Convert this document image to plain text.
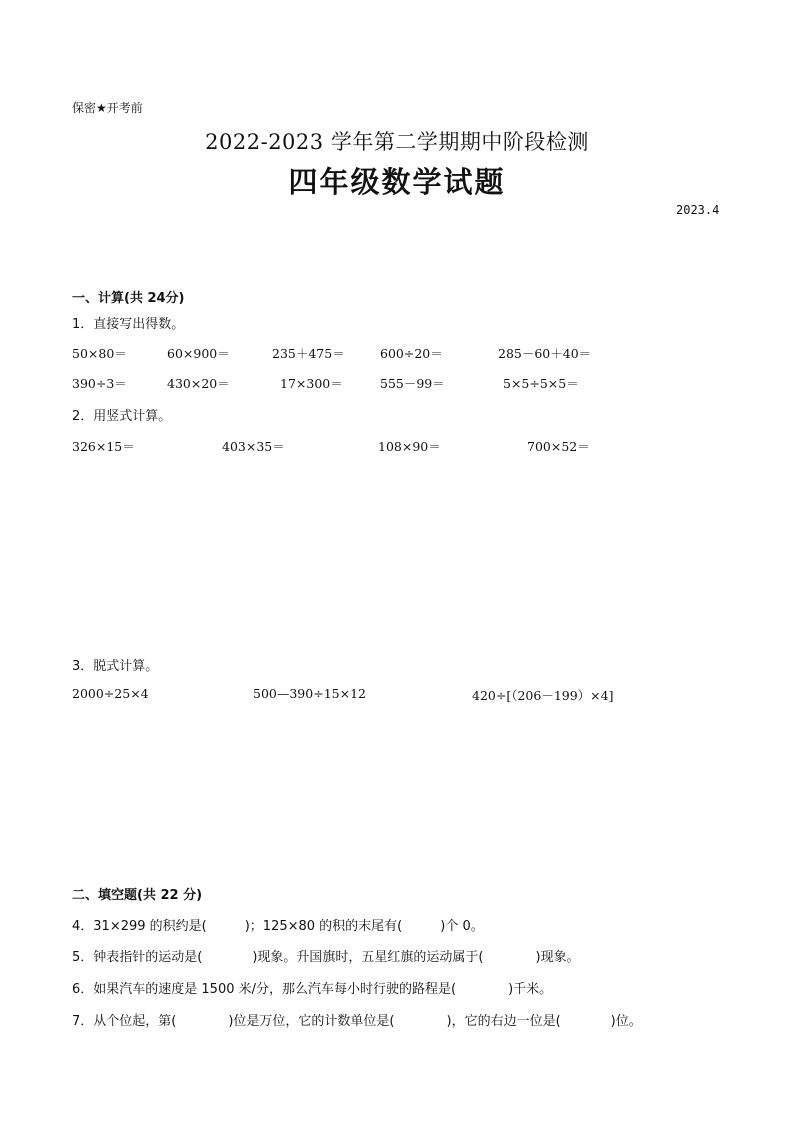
保密★开考前
2022-2023 学年第二学期期中阶段检测
四年级数学试题
2023.4
一、计算(共 24分)
1．直接写出得数。
50×80＝	60×900＝	235＋475＝	600÷20＝	285－60＋40＝
390÷3＝	430×20＝	17×300＝	555－99＝	5×5÷5×5＝
2．用竖式计算。
326×15＝	403×35＝	108×90＝	700×52＝
3．脱式计算。
2000÷25×4	500—390÷15×12	420÷[（206－199）×4]
二、填空题(共 22 分)
4．31×299 的积约是(	)；125×80 的积的末尾有(	)个 0。
5．钟表指针的运动是(	)现象。升国旗时，五星红旗的运动属于(	)现象。
6．如果汽车的速度是 1500 米/分，那么汽车每小时行驶的路程是(	)千米。
7．从个位起，第(	)位是万位，它的计数单位是(	)，它的右边一位是(	)位。
